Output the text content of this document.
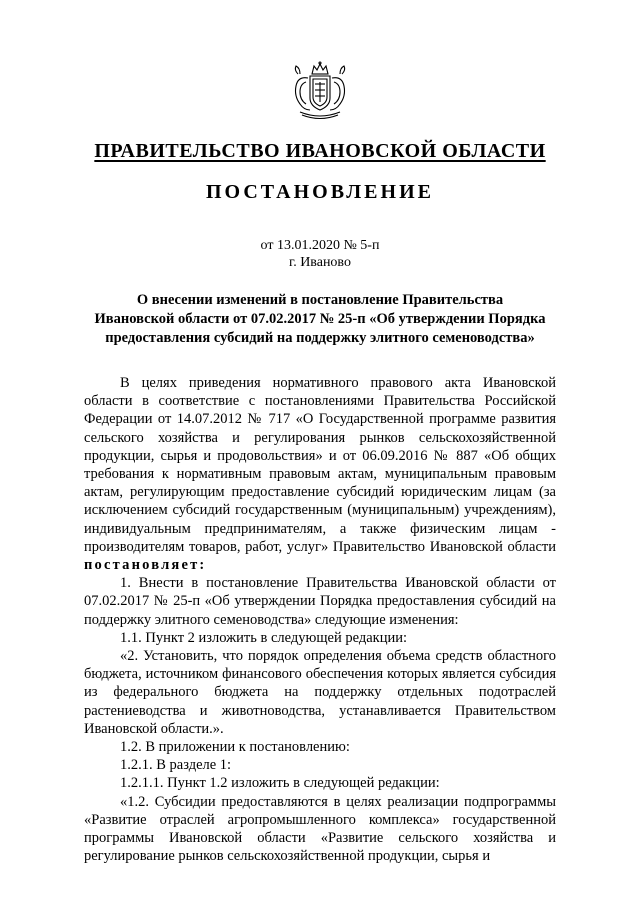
ПРАВИТЕЛЬСТВО ИВАНОВСКОЙ ОБЛАСТИ
ПОСТАНОВЛЕНИЕ
от 13.01.2020 № 5-п
г. Иваново
О внесении изменений в постановление Правительства
Ивановской области от 07.02.2017 № 25-п «Об утверждении Порядка
предоставления субсидий на поддержку элитного семеноводства»

В целях приведения нормативного правового акта Ивановской области в соответствие с постановлениями Правительства Российской Федерации от 14.07.2012 № 717 «О Государственной программе развития сельского хозяйства и регулирования рынков сельскохозяйственной продукции, сырья и продовольствия» и от 06.09.2016 № 887 «Об общих требования к нормативным правовым актам, муниципальным правовым актам, регулирующим предоставление субсидий юридическим лицам (за исключением субсидий государственным (муниципальным) учреждениям), индивидуальным предпринимателям, а также физическим лицам - производителям товаров, работ, услуг» Правительство Ивановской области постановляет:

1. Внести в постановление Правительства Ивановской области от 07.02.2017 № 25-п «Об утверждении Порядка предоставления субсидий на поддержку элитного семеноводства» следующие изменения:

1.1. Пункт 2 изложить в следующей редакции:

«2. Установить, что порядок определения объема средств областного бюджета, источником финансового обеспечения которых является субсидия из федерального бюджета на поддержку отдельных подотраслей растениеводства и животноводства, устанавливается Правительством Ивановской области.».

1.2. В приложении к постановлению:

1.2.1. В разделе 1:

1.2.1.1. Пункт 1.2 изложить в следующей редакции:

«1.2. Субсидии предоставляются в целях реализации подпрограммы «Развитие отраслей агропромышленного комплекса» государственной программы Ивановской области «Развитие сельского хозяйства и регулирование рынков сельскохозяйственной продукции, сырья и
